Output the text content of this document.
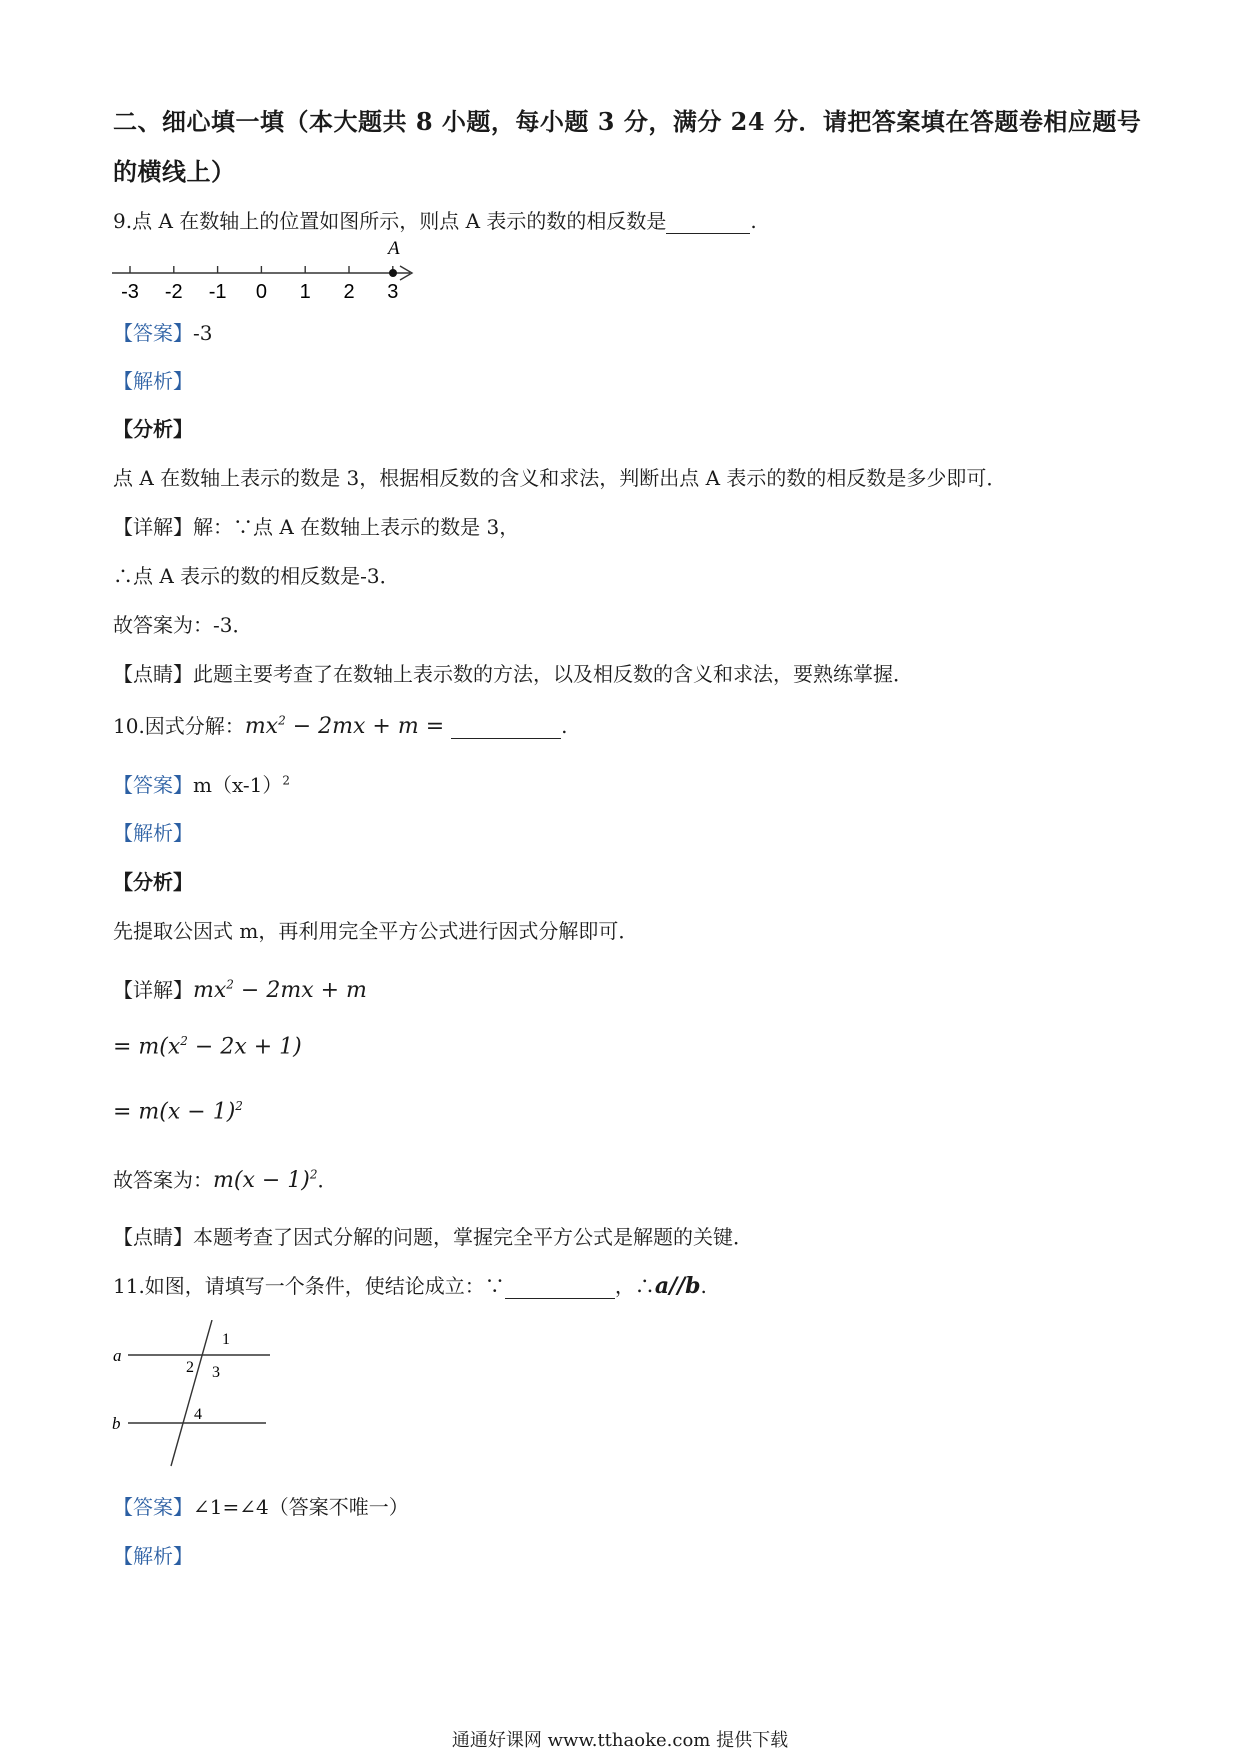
二、细心填一填（本大题共 8 小题，每小题 3 分，满分 24 分．请把答案填在答题卷相应题号
的横线上）
9.点 A 在数轴上的位置如图所示，则点 A 表示的数的相反数是	.
-3 -2 -1 0 1 2 3
A
【答案】-3
【解析】
【分析】
点 A 在数轴上表示的数是 3，根据相反数的含义和求法，判断出点 A 表示的数的相反数是多少即可．
【详解】解：∵点 A 在数轴上表示的数是 3，
∴点 A 表示的数的相反数是-3．
故答案为：-3．
【点睛】此题主要考查了在数轴上表示数的方法，以及相反数的含义和求法，要熟练掌握．
10.因式分解：$mx^2 - 2mx + m$ =	.
【答案】$m(x-1)^2$
【解析】
【分析】
先提取公因式 m，再利用完全平方公式进行因式分解即可．
【详解】$mx^2 - 2mx + m$
= $m(x^2 - 2x + 1)$
= $m(x - 1)^2$
故答案为：$m(x - 1)^2$．
【点睛】本题考查了因式分解的问题，掌握完全平方公式是解题的关键．
11.如图，请填写一个条件，使结论成立：∵	，∴a//b.
a
b
1
2 3
4
【答案】∠1=∠4（答案不唯一）
【解析】
通通好课网 www.tthaoke.com 提供下载
